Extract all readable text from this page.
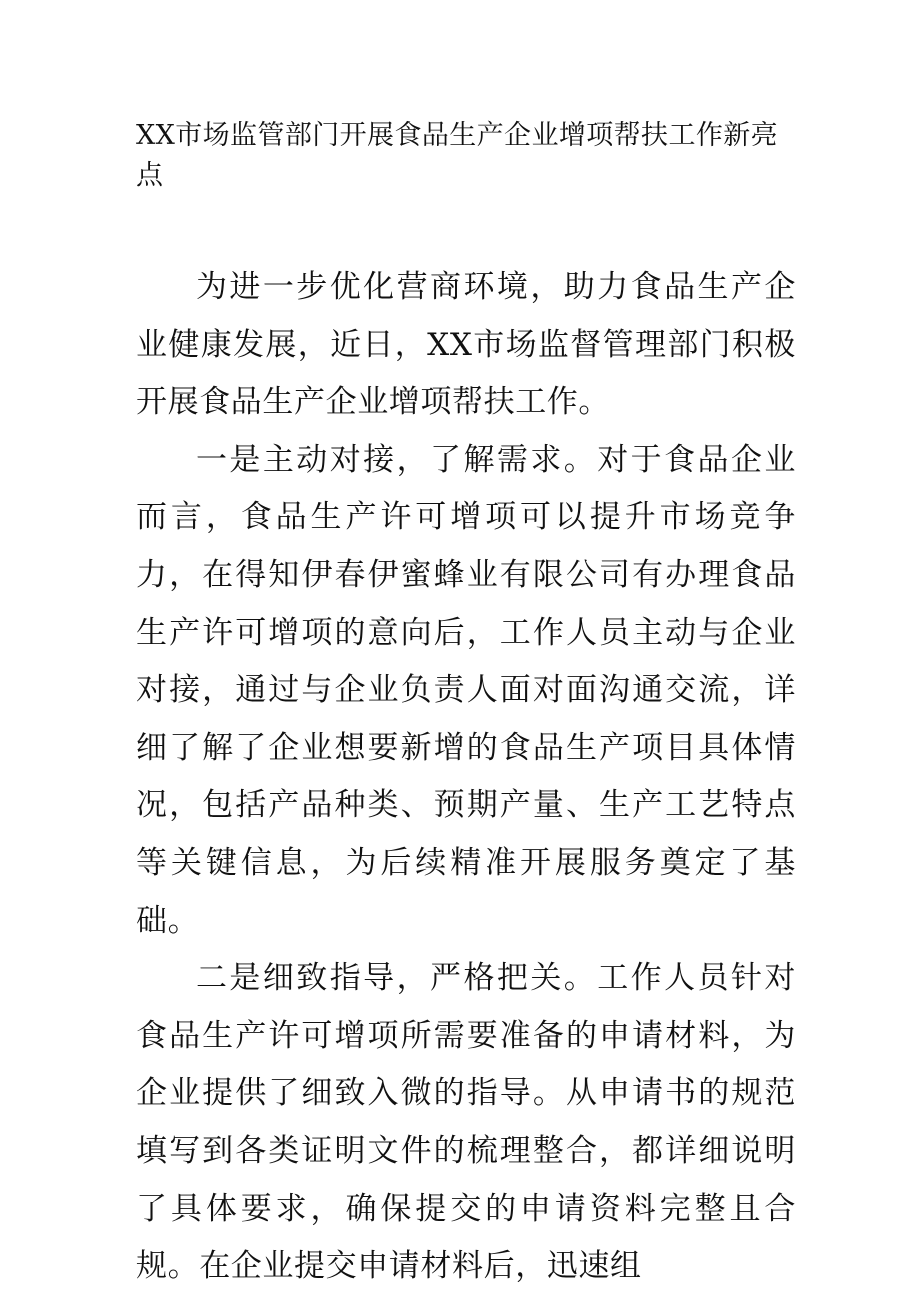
XX市场监管部门开展食品生产企业增项帮扶工作新亮点

为进一步优化营商环境，助力食品生产企业健康发展，近日，XX市场监督管理部门积极开展食品生产企业增项帮扶工作。

一是主动对接，了解需求。对于食品企业而言，食品生产许可增项可以提升市场竞争力，在得知伊春伊蜜蜂业有限公司有办理食品生产许可增项的意向后，工作人员主动与企业对接，通过与企业负责人面对面沟通交流，详细了解了企业想要新增的食品生产项目具体情况，包括产品种类、预期产量、生产工艺特点等关键信息，为后续精准开展服务奠定了基础。

二是细致指导，严格把关。工作人员针对食品生产许可增项所需要准备的申请材料，为企业提供了细致入微的指导。从申请书的规范填写到各类证明文件的梳理整合，都详细说明了具体要求，确保提交的申请资料完整且合规。在企业提交申请材料后，迅速组
